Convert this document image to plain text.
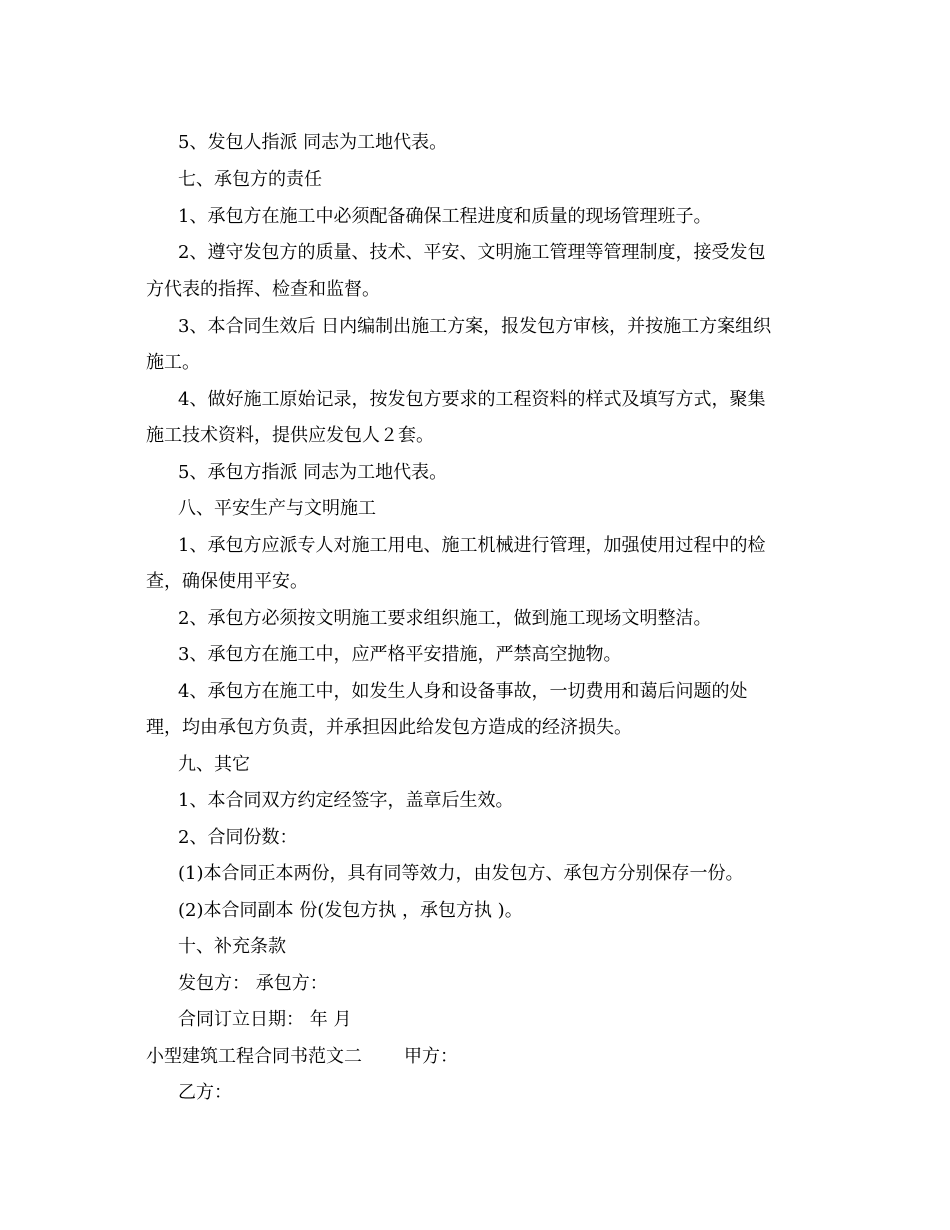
5、发包人指派 同志为工地代表。
七、承包方的责任
1、承包方在施工中必须配备确保工程进度和质量的现场管理班子。
2、遵守发包方的质量、技术、平安、文明施工管理等管理制度，接受发包
方代表的指挥、检查和监督。
3、本合同生效后 日内编制出施工方案，报发包方审核，并按施工方案组织
施工。
4、做好施工原始记录，按发包方要求的工程资料的样式及填写方式，聚集
施工技术资料，提供应发包人２套。
5、承包方指派 同志为工地代表。
八、平安生产与文明施工
1、承包方应派专人对施工用电、施工机械进行管理，加强使用过程中的检
查，确保使用平安。
2、承包方必须按文明施工要求组织施工，做到施工现场文明整洁。
3、承包方在施工中，应严格平安措施，严禁高空抛物。
4、承包方在施工中，如发生人身和设备事故，一切费用和蔼后问题的处
理，均由承包方负责，并承担因此给发包方造成的经济损失。
九、其它
1、本合同双方约定经签字，盖章后生效。
2、合同份数：
(1)本合同正本两份，具有同等效力，由发包方、承包方分别保存一份。
(2)本合同副本 份(发包方执 ，承包方执 )。
十、补充条款
发包方： 承包方：
合同订立日期： 年 月
小型建筑工程合同书范文二 甲方：
乙方：
